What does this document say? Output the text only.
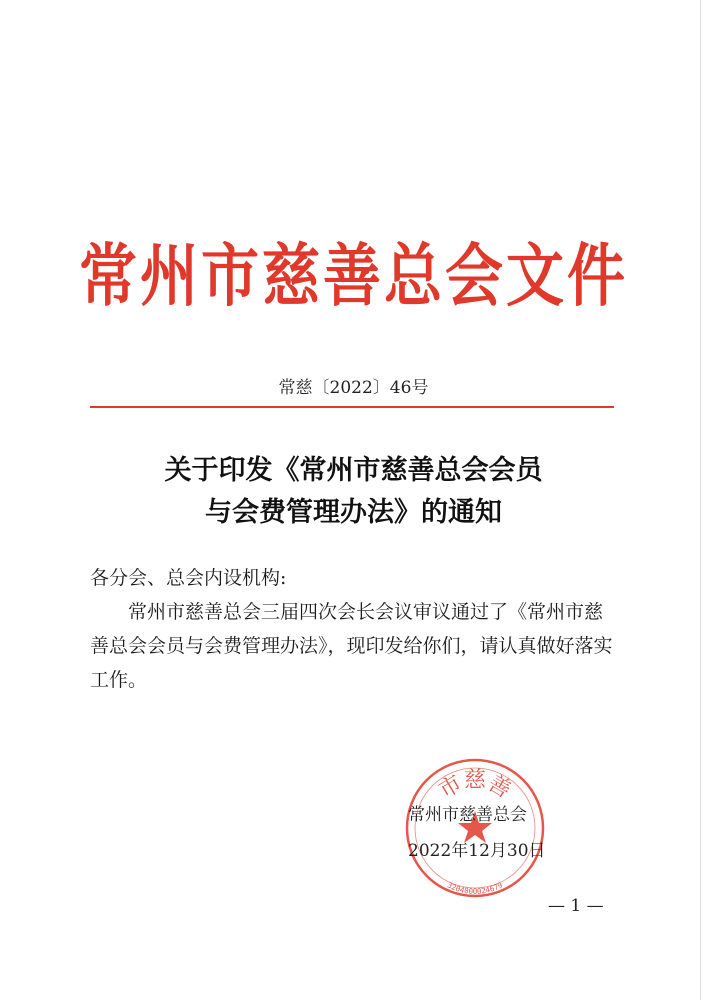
常州市慈善总会文件
常慈〔2022〕46号
关于印发《常州市慈善总会会员
与会费管理办法》的通知
各分会、总会内设机构:
常州市慈善总会三届四次会长会议审议通过了《常州市慈善总会会员与会费管理办法》，现印发给你们，请认真做好落实工作。
市慈善
3204000024679
常州市慈善总会
2022年12月30日
— 1 —
